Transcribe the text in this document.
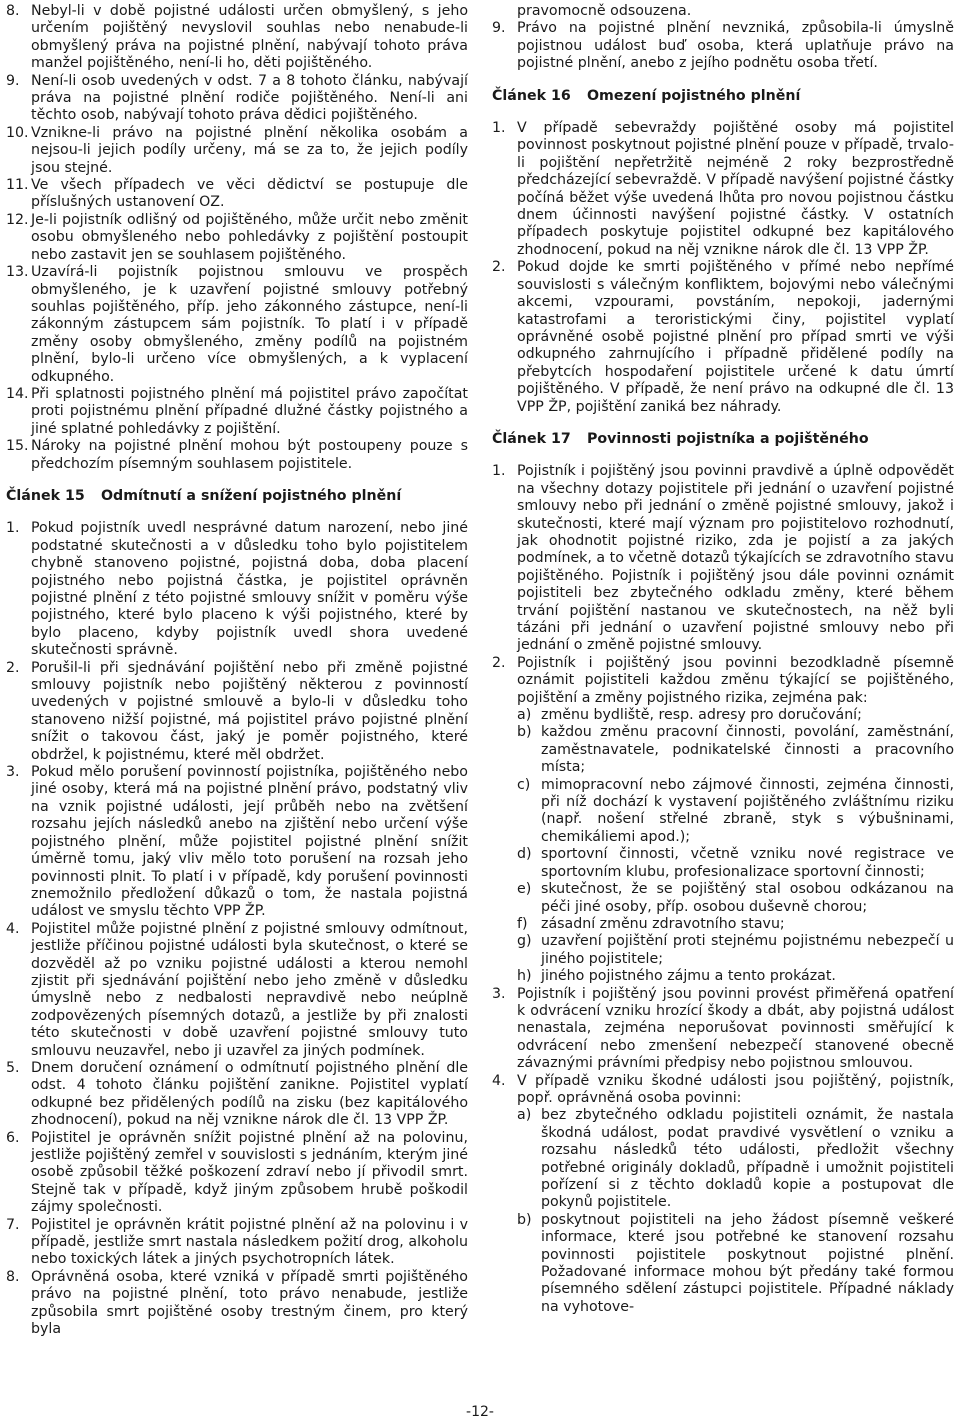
8. Nebyl-li v době pojistné události určen obmyšlený, s jeho určením pojištěný nevyslovil souhlas nebo nenabude-li obmyšlený práva na pojistné plnění, nabývají tohoto práva manžel pojištěného, není-li ho, děti pojištěného.
9. Není-li osob uvedených v odst. 7 a 8 tohoto článku, nabývají práva na pojistné plnění rodiče pojištěného. Není-li ani těchto osob, nabývají tohoto práva dědici pojištěného.
10. Vznikne-li právo na pojistné plnění několika osobám a nejsou-li jejich podíly určeny, má se za to, že jejich podíly jsou stejné.
11. Ve všech případech ve věci dědictví se postupuje dle příslušných ustanovení OZ.
12. Je-li pojistník odlišný od pojištěného, může určit nebo změnit osobu obmyšleného nebo pohledávky z pojištění postoupit nebo zastavit jen se souhlasem pojištěného.
13. Uzavírá-li pojistník pojistnou smlouvu ve prospěch obmyšleného, je k uzavření pojistné smlouvy potřebný souhlas pojištěného, příp. jeho zákonného zástupce, není-li zákonným zástupcem sám pojistník. To platí i v případě změny osoby obmyšleného, změny podílů na pojistném plnění, bylo-li určeno více obmyšlených, a k vyplacení odkupného.
14. Při splatnosti pojistného plnění má pojistitel právo započítat proti pojistnému plnění případné dlužné částky pojistného a jiné splatné pohledávky z pojištění.
15. Nároky na pojistné plnění mohou být postoupeny pouze s předchozím písemným souhlasem pojistitele.
Článek 15	Odmítnutí a snížení pojistného plnění
1. Pokud pojistník uvedl nesprávné datum narození, nebo jiné podstatné skutečnosti a v důsledku toho bylo pojistitelem chybně stanoveno pojistné, pojistná doba, doba placení pojistného nebo pojistná částka, je pojistitel oprávněn pojistné plnění z této pojistné smlouvy snížit v poměru výše pojistného, které bylo placeno k výši pojistného, které by bylo placeno, kdyby pojistník uvedl shora uvedené skutečnosti správně.
2. Porušil-li při sjednávání pojištění nebo při změně pojistné smlouvy pojistník nebo pojištěný některou z povinností uvedených v pojistné smlouvě a bylo-li v důsledku toho stanoveno nižší pojistné, má pojistitel právo pojistné plnění snížit o takovou část, jaký je poměr pojistného, které obdržel, k pojistnému, které měl obdržet.
3. Pokud mělo porušení povinností pojistníka, pojištěného nebo jiné osoby, která má na pojistné plnění právo, podstatný vliv na vznik pojistné události, její průběh nebo na zvětšení rozsahu jejích následků anebo na zjištění nebo určení výše pojistného plnění, může pojistitel pojistné plnění snížit úměrně tomu, jaký vliv mělo toto porušení na rozsah jeho povinnosti plnit. To platí i v případě, kdy porušení povinnosti znemožnilo předložení důkazů o tom, že nastala pojistná událost ve smyslu těchto VPP ŽP.
4. Pojistitel může pojistné plnění z pojistné smlouvy odmítnout, jestliže příčinou pojistné události byla skutečnost, o které se dozvěděl až po vzniku pojistné události a kterou nemohl zjistit při sjednávání pojištění nebo jeho změně v důsledku úmyslně nebo z nedbalosti nepravdivě nebo neúplně zodpovězených písemných dotazů, a jestliže by při znalosti této skutečnosti v době uzavření pojistné smlouvy tuto smlouvu neuzavřel, nebo ji uzavřel za jiných podmínek.
5. Dnem doručení oznámení o odmítnutí pojistného plnění dle odst. 4 tohoto článku pojištění zanikne. Pojistitel vyplatí odkupné bez přidělených podílů na zisku (bez kapitálového zhodnocení), pokud na něj vznikne nárok dle čl. 13 VPP ŽP.
6. Pojistitel je oprávněn snížit pojistné plnění až na polovinu, jestliže pojištěný zemřel v souvislosti s jednáním, kterým jiné osobě způsobil těžké poškození zdraví nebo jí přivodil smrt. Stejně tak v případě, když jiným způsobem hrubě poškodil zájmy společnosti.
7. Pojistitel je oprávněn krátit pojistné plnění až na polovinu i v případě, jestliže smrt nastala následkem požití drog, alkoholu nebo toxických látek a jiných psychotropních látek.
8. Oprávněná osoba, které vzniká v případě smrti pojištěného právo na pojistné plnění, toto právo nenabude, jestliže způsobila smrt pojištěné osoby trestným činem, pro který byla
pravomocně odsouzena.
9. Právo na pojistné plnění nevzniká, způsobila-li úmyslně pojistnou událost buď osoba, která uplatňuje právo na pojistné plnění, anebo z jejího podnětu osoba třetí.
Článek 16	Omezení pojistného plnění
1. V případě sebevraždy pojištěné osoby má pojistitel povinnost poskytnout pojistné plnění pouze v případě, trvalo-li pojištění nepřetržitě nejméně 2 roky bezprostředně předcházející sebevraždě. V případě navýšení pojistné částky počíná běžet výše uvedená lhůta pro novou pojistnou částku dnem účinnosti navýšení pojistné částky. V ostatních případech poskytuje pojistitel odkupné bez kapitálového zhodnocení, pokud na něj vznikne nárok dle čl. 13 VPP ŽP.
2. Pokud dojde ke smrti pojištěného v přímé nebo nepřímé souvislosti s válečným konfliktem, bojovými nebo válečnými akcemi, vzpourami, povstáním, nepokoji, jadernými katastrofami a teroristickými činy, pojistitel vyplatí oprávněné osobě pojistné plnění pro případ smrti ve výši odkupného zahrnujícího i případně přidělené podíly na přebytcích hospodaření pojistitele určené k datu úmrtí pojištěného. V případě, že není právo na odkupné dle čl. 13 VPP ŽP, pojištění zaniká bez náhrady.
Článek 17	Povinnosti pojistníka a pojištěného
1. Pojistník i pojištěný jsou povinni pravdivě a úplně odpovědět na všechny dotazy pojistitele při jednání o uzavření pojistné smlouvy nebo při jednání o změně pojistné smlouvy, jakož i skutečnosti, které mají význam pro pojistitelovo rozhodnutí, jak ohodnotit pojistné riziko, zda je pojistí a za jakých podmínek, a to včetně dotazů týkajících se zdravotního stavu pojištěného. Pojistník i pojištěný jsou dále povinni oznámit pojistiteli bez zbytečného odkladu změny, které během trvání pojištění nastanou ve skutečnostech, na něž byli tázáni při jednání o uzavření pojistné smlouvy nebo při jednání o změně pojistné smlouvy.
2. Pojistník i pojištěný jsou povinni bezodkladně písemně oznámit pojistiteli každou změnu týkající se pojištěného, pojištění a změny pojistného rizika, zejména pak:
a) změnu bydliště, resp. adresy pro doručování;
b) každou změnu pracovní činnosti, povolání, zaměstnání, zaměstnavatele, podnikatelské činnosti a pracovního místa;
c) mimopracovní nebo zájmové činnosti, zejména činnosti, při níž dochází k vystavení pojištěného zvláštnímu riziku (např. nošení střelné zbraně, styk s výbušninami, chemikáliemi apod.);
d) sportovní činnosti, včetně vzniku nové registrace ve sportovním klubu, profesionalizace sportovní činnosti;
e) skutečnost, že se pojištěný stal osobou odkázanou na péči jiné osoby, příp. osobou duševně chorou;
f) zásadní změnu zdravotního stavu;
g) uzavření pojištění proti stejnému pojistnému nebezpečí u jiného pojistitele;
h) jiného pojistného zájmu a tento prokázat.
3. Pojistník i pojištěný jsou povinni provést přiměřená opatření k odvrácení vzniku hrozící škody a dbát, aby pojistná událost nenastala, zejména neporušovat povinnosti směřující k odvrácení nebo zmenšení nebezpečí stanovené obecně závaznými právními předpisy nebo pojistnou smlouvou.
4. V případě vzniku škodné události jsou pojištěný, pojistník, popř. oprávněná osoba povinni:
a) bez zbytečného odkladu pojistiteli oznámit, že nastala škodná událost, podat pravdivé vysvětlení o vzniku a rozsahu následků této události, předložit všechny potřebné originály dokladů, případně i umožnit pojistiteli pořízení si z těchto dokladů kopie a postupovat dle pokynů pojistitele.
b) poskytnout pojistiteli na jeho žádost písemně veškeré informace, které jsou potřebné ke stanovení rozsahu povinnosti pojistitele poskytnout pojistné plnění. Požadované informace mohou být předány také formou písemného sdělení zástupci pojistitele. Případné náklady na vyhotove-
-12-
